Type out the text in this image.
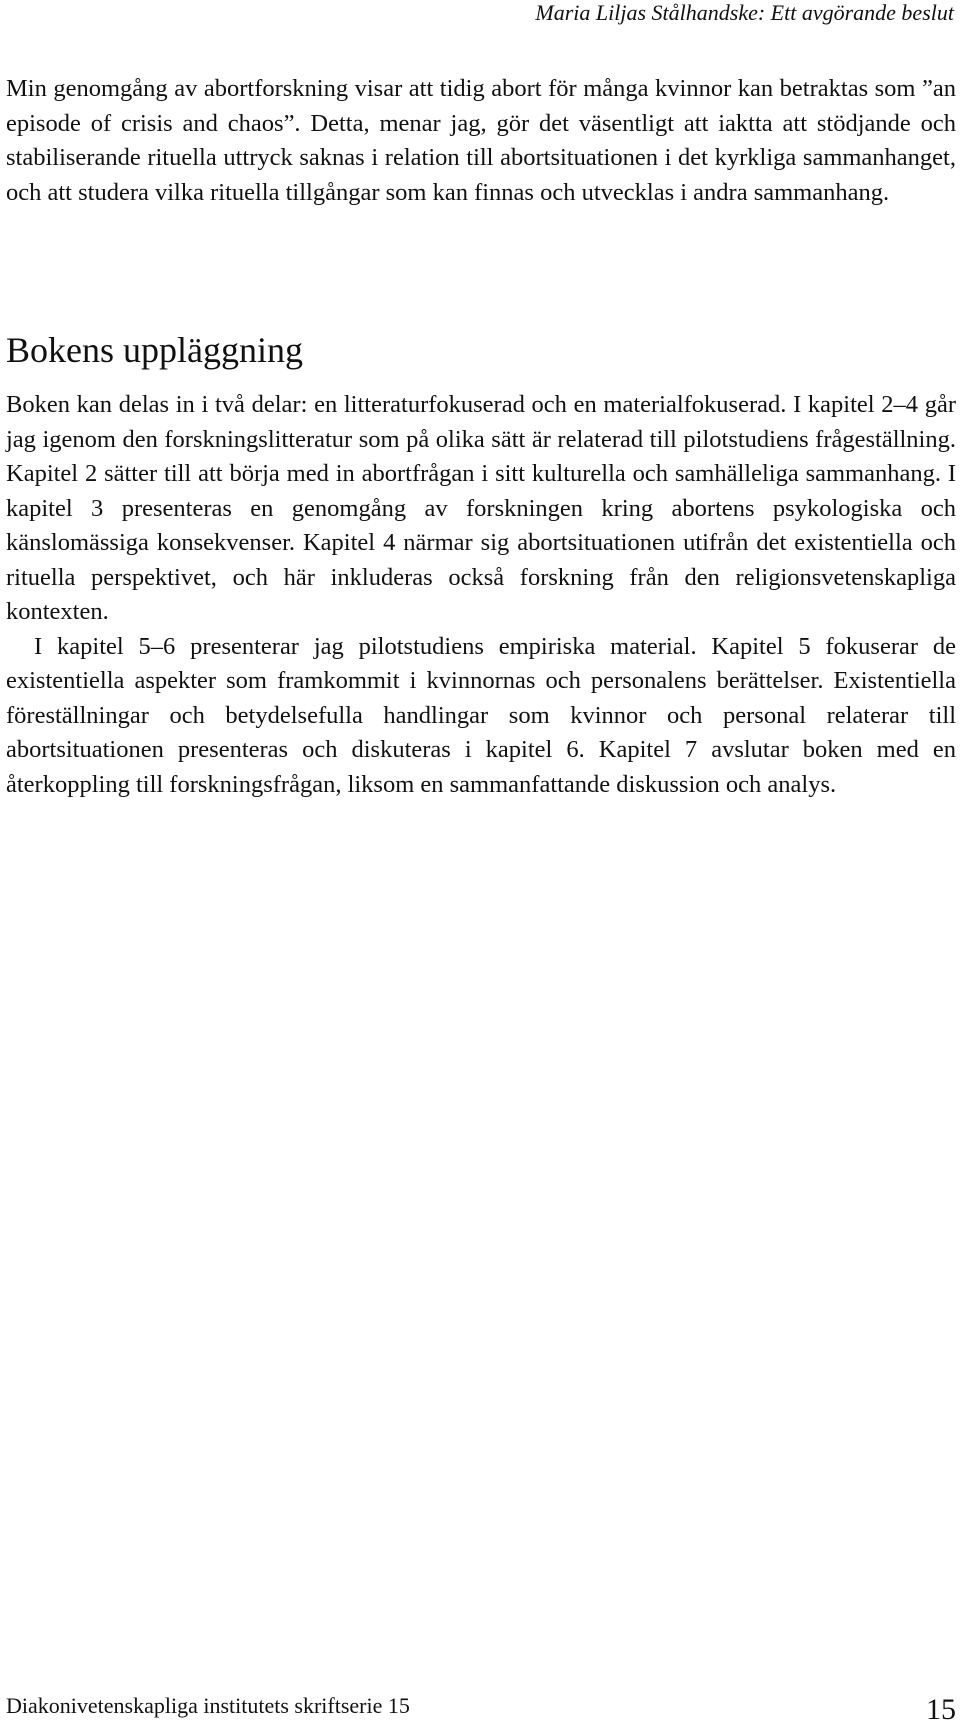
Maria Liljas Stålhandske: Ett avgörande beslut

Min genomgång av abortforskning visar att tidig abort för många kvinnor kan betraktas som ”an episode of crisis and chaos”. Detta, menar jag, gör det väsentligt att iaktta att stödjande och stabiliserande rituella uttryck saknas i relation till abortsituationen i det kyrkliga sammanhanget, och att studera vilka rituella tillgångar som kan finnas och utvecklas i andra sammanhang.

Bokens uppläggning

Boken kan delas in i två delar: en litteraturfokuserad och en materialfokuserad. I kapitel 2–4 går jag igenom den forskningslitteratur som på olika sätt är relaterad till pilotstudiens frågeställning. Kapitel 2 sätter till att börja med in abortfrågan i sitt kulturella och samhälleliga sammanhang. I kapitel 3 presenteras en genomgång av forskningen kring abortens psykologiska och känslomässiga konsekvenser. Kapitel 4 närmar sig abortsituationen utifrån det existentiella och rituella perspektivet, och här inkluderas också forskning från den religionsvetenskapliga kontexten.

I kapitel 5–6 presenterar jag pilotstudiens empiriska material. Kapitel 5 fokuserar de existentiella aspekter som framkommit i kvinnornas och personalens berättelser. Existentiella föreställningar och betydelsefulla handlingar som kvinnor och personal relaterar till abortsituationen presenteras och diskuteras i kapitel 6. Kapitel 7 avslutar boken med en återkoppling till forskningsfrågan, liksom en sammanfattande diskussion och analys.

Diakonivetenskapliga institutets skriftserie 15	15
